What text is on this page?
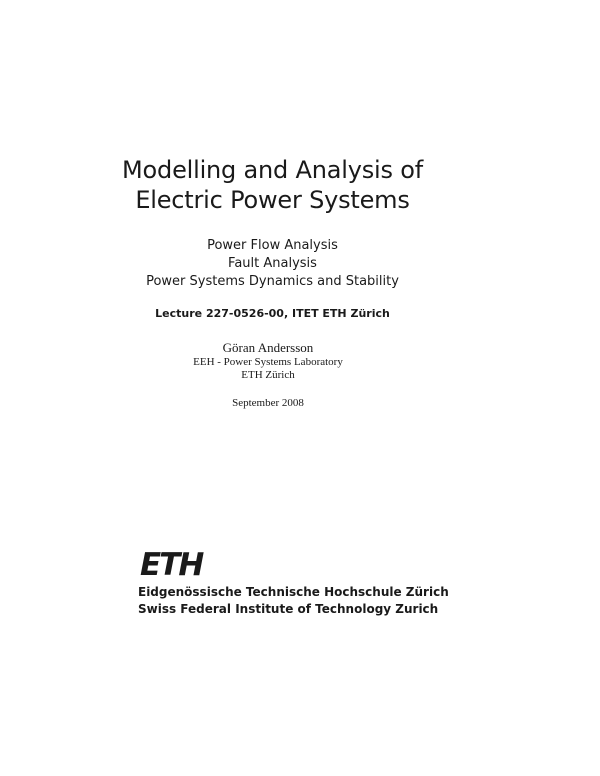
Modelling and Analysis of
Electric Power Systems
Power Flow Analysis
Fault Analysis
Power Systems Dynamics and Stability
Lecture 227-0526-00, ITET ETH Zürich
Göran Andersson
EEH - Power Systems Laboratory
ETH Zürich
September 2008
ETH
Eidgenössische Technische Hochschule Zürich
Swiss Federal Institute of Technology Zurich
